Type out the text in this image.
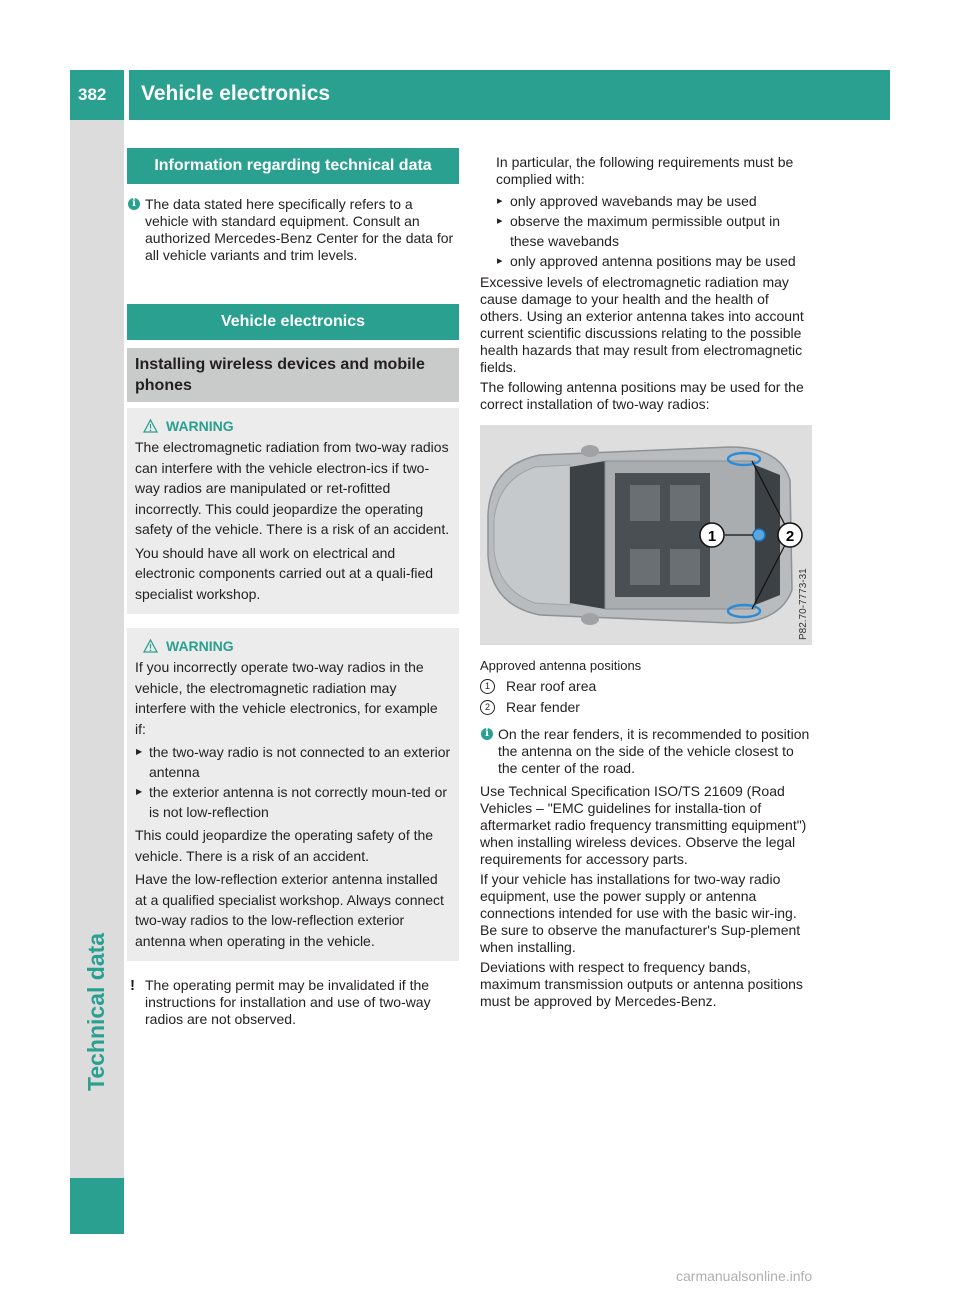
382 Vehicle electronics
Technical data
Information regarding technical data
i The data stated here specifically refers to a vehicle with standard equipment. Consult an authorized Mercedes-Benz Center for the data for all vehicle variants and trim levels.
Vehicle electronics
Installing wireless devices and mobile phones
WARNING

The electromagnetic radiation from two-way radios can interfere with the vehicle electron-ics if two-way radios are manipulated or ret-rofitted incorrectly. This could jeopardize the operating safety of the vehicle. There is a risk of an accident.

You should have all work on electrical and electronic components carried out at a quali-fied specialist workshop.

WARNING

If you incorrectly operate two-way radios in the vehicle, the electromagnetic radiation may interfere with the vehicle electronics, for example if:

▶ the two-way radio is not connected to an exterior antenna
▶ the exterior antenna is not correctly moun-ted or is not low-reflection

This could jeopardize the operating safety of the vehicle. There is a risk of an accident.

Have the low-reflection exterior antenna installed at a qualified specialist workshop. Always connect two-way radios to the low-reflection exterior antenna when operating in the vehicle.

! The operating permit may be invalidated if the instructions for installation and use of two-way radios are not observed.

In particular, the following requirements must be complied with:

▸ only approved wavebands may be used
▸ observe the maximum permissible output in these wavebands
▸ only approved antenna positions may be used

Excessive levels of electromagnetic radiation may cause damage to your health and the health of others. Using an exterior antenna takes into account current scientific discussions relating to the possible health hazards that may result from electromagnetic fields.

The following antenna positions may be used for the correct installation of two-way radios:

1	2
P82.70-7773-31
Approved antenna positions
1	Rear roof area
2	Rear fender
i On the rear fenders, it is recommended to position the antenna on the side of the vehicle closest to the center of the road.

Use Technical Specification ISO/TS 21609 (Road Vehicles – "EMC guidelines for installa-tion of aftermarket radio frequency transmitting equipment") when installing wireless devices. Observe the legal requirements for accessory parts.

If your vehicle has installations for two-way radio equipment, use the power supply or antenna connections intended for use with the basic wir-ing. Be sure to observe the manufacturer's Sup-plement when installing.

Deviations with respect to frequency bands, maximum transmission outputs or antenna positions must be approved by Mercedes-Benz.

carmanualsonline.info
